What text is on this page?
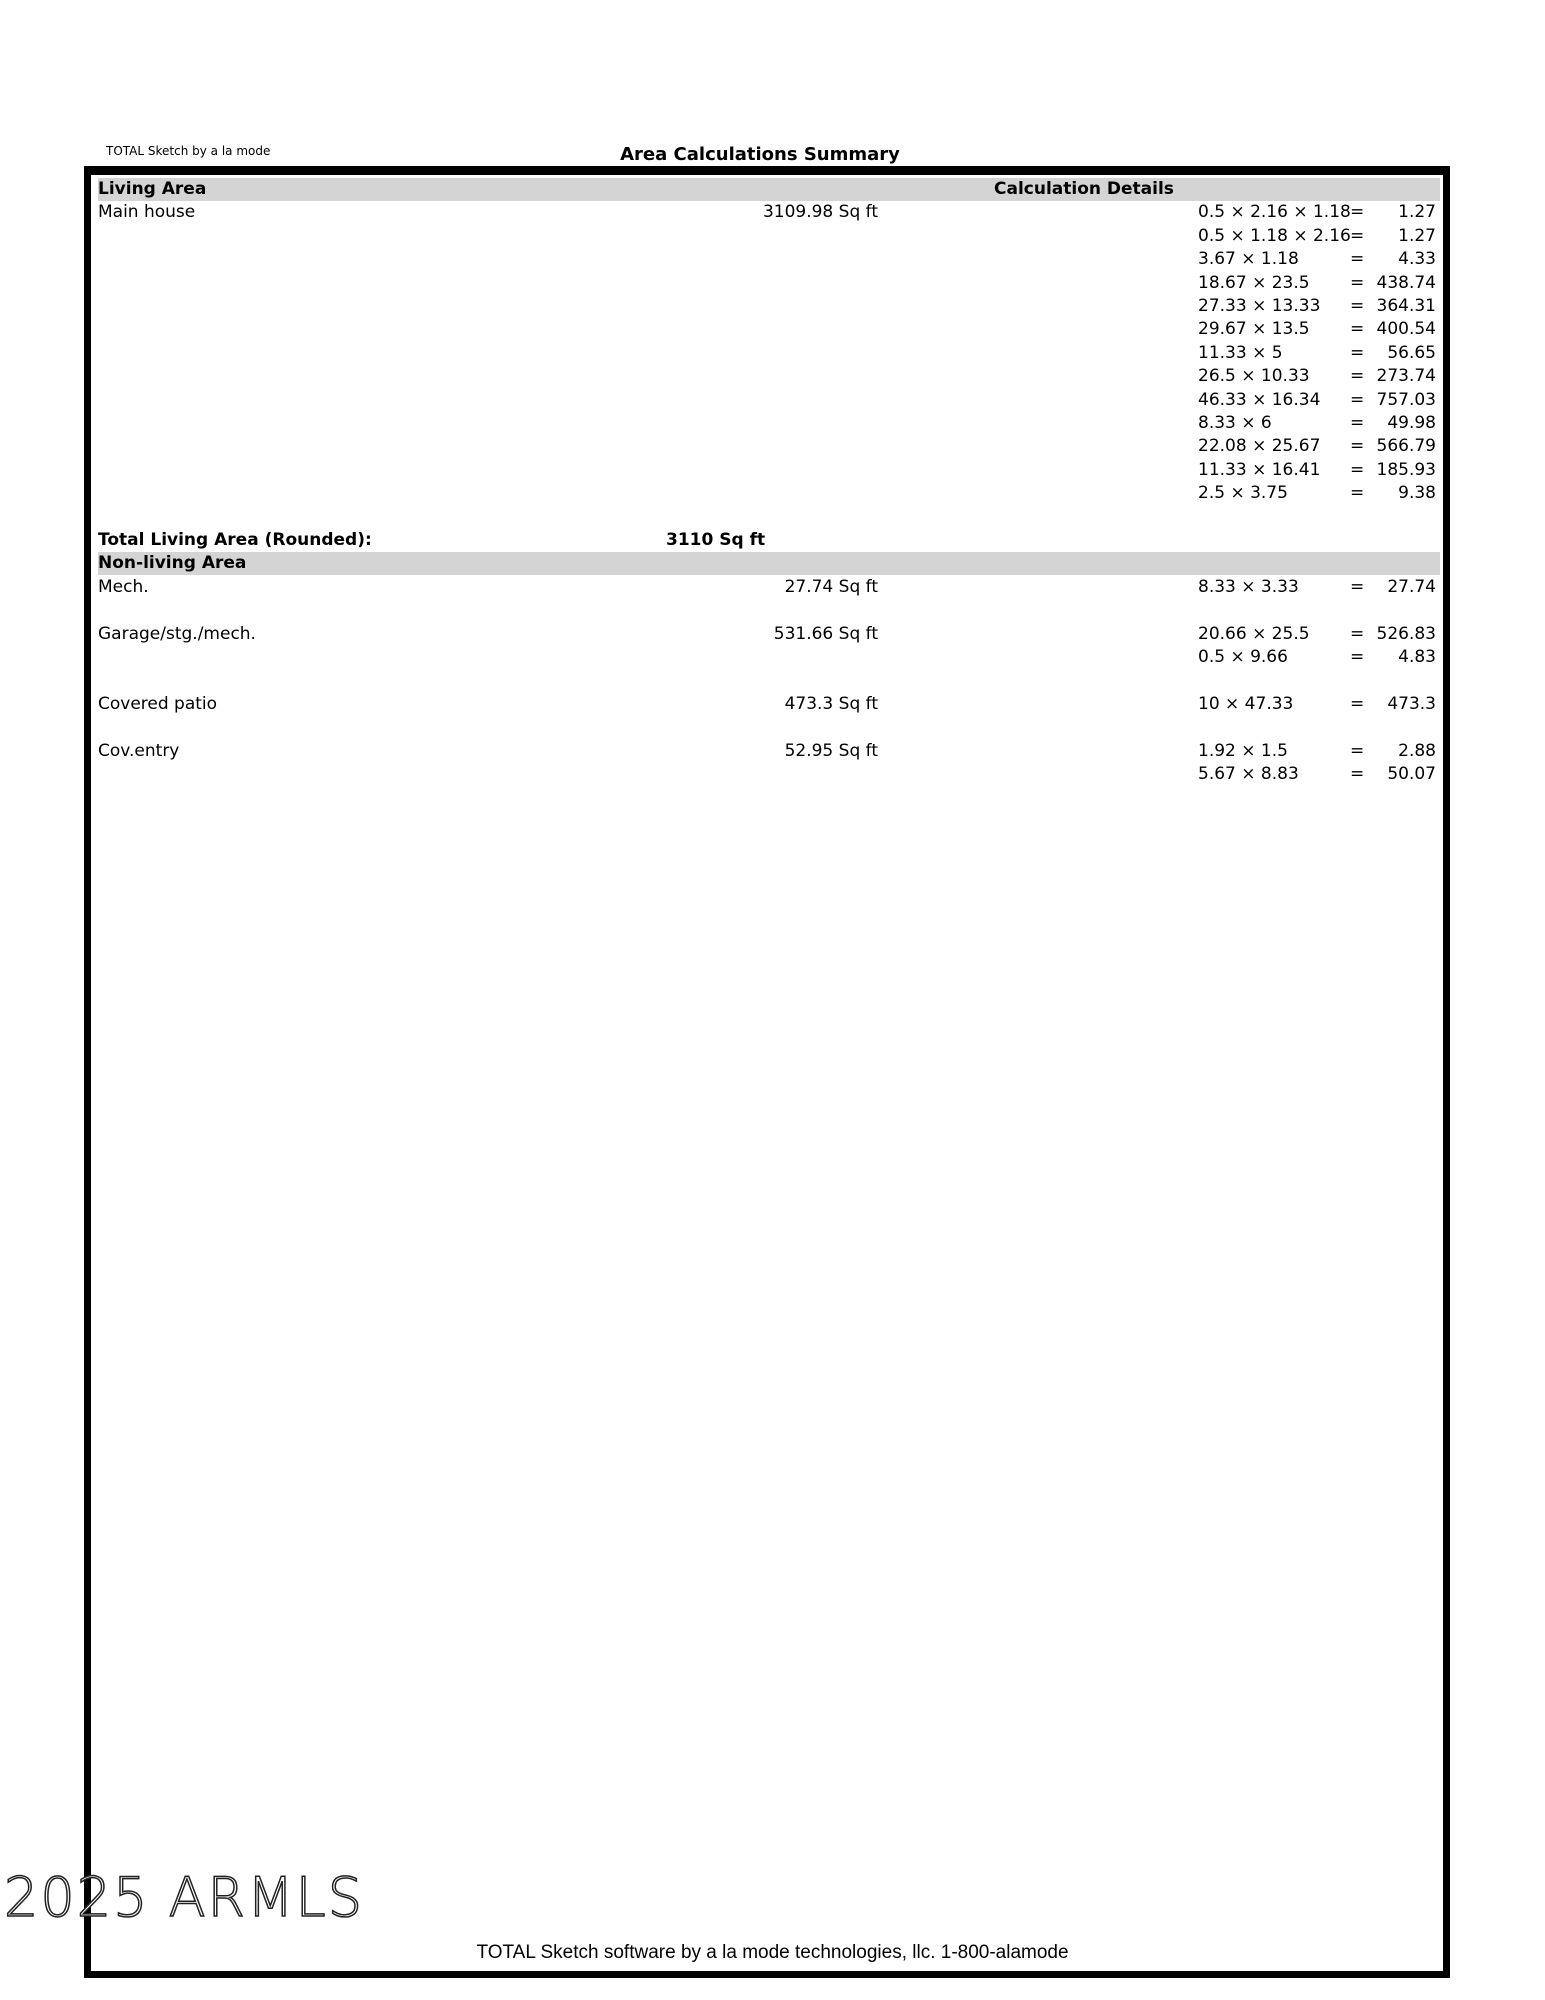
TOTAL Sketch by a la mode	Area Calculations Summary
Living Area	Calculation Details
Main house	3109.98 Sq ft	0.5 × 2.16 × 1.18 =	1.27
0.5 × 1.18 × 2.16 =	1.27
3.67 × 1.18	=	4.33
18.67 × 23.5 = 438.74
27.33 × 13.33 = 364.31
29.67 × 13.5 = 400.54
11.33 × 5	=	56.65
26.5 × 10.33 = 273.74
46.33 × 16.34 = 757.03
8.33 × 6	=	49.98
22.08 × 25.67 = 566.79
11.33 × 16.41 = 185.93
2.5 × 3.75	=	9.38
Total Living Area (Rounded):	3110 Sq ft
Non-living Area
Mech.	27.74 Sq ft	8.33 × 3.33	=	27.74
Garage/stg./mech.	531.66 Sq ft	20.66 × 25.5 = 526.83
0.5 × 9.66	=	4.83
Covered patio	473.3 Sq ft	10 × 47.33	=	473.3
Cov.entry	52.95 Sq ft	1.92 × 1.5	=	2.88
5.67 × 8.83	=	50.07
2025 ARMLS
TOTAL Sketch software by a la mode technologies, llc. 1-800-alamode
